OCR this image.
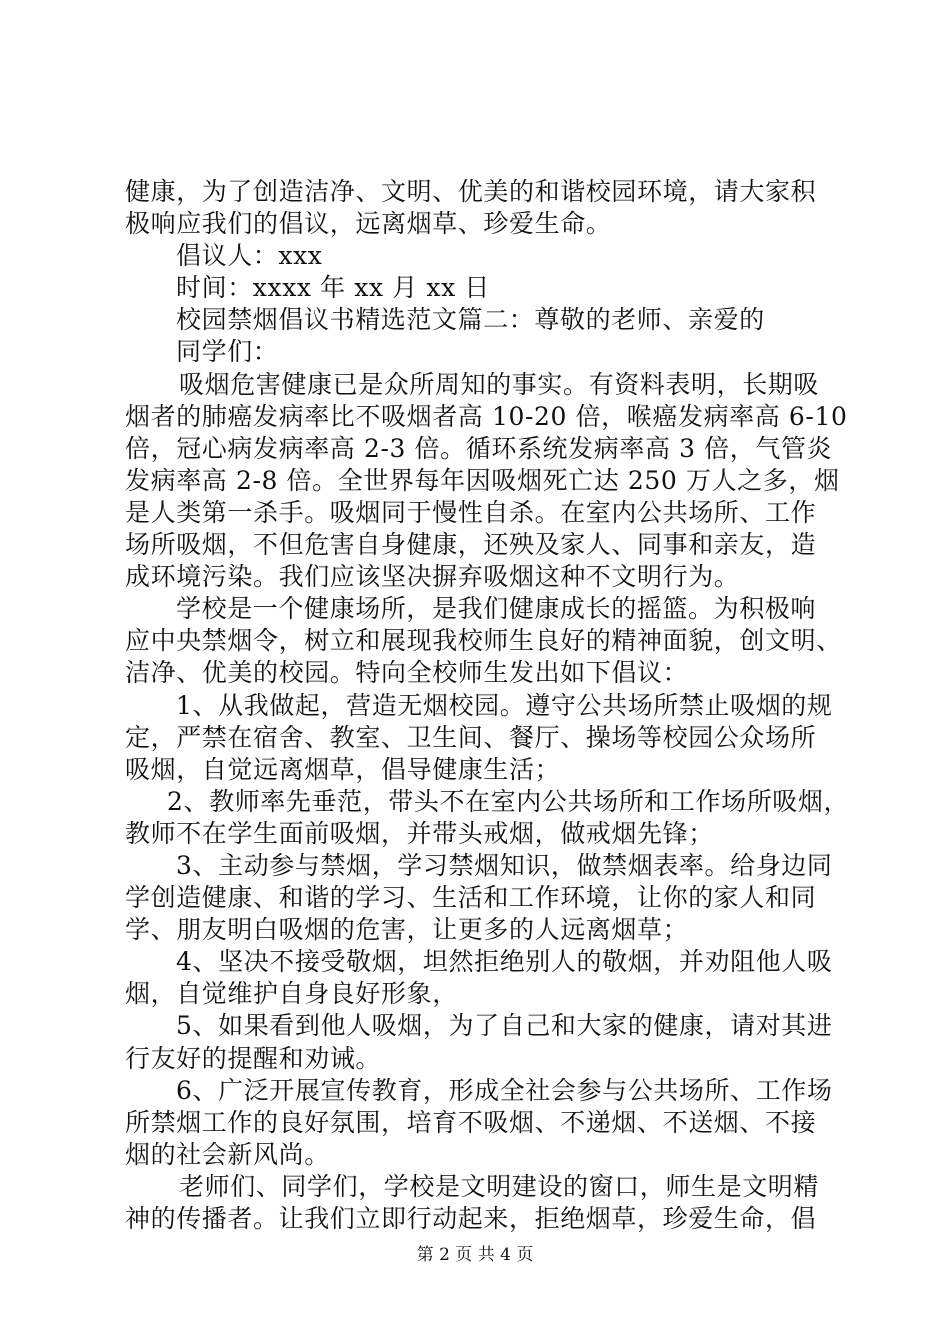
健康，为了创造洁净、文明、优美的和谐校园环境，请大家积
极响应我们的倡议，远离烟草、珍爱生命。
倡议人：xxx
时间：xxxx 年 xx 月 xx 日
校园禁烟倡议书精选范文篇二：尊敬的老师、亲爱的
同学们：
吸烟危害健康已是众所周知的事实。有资料表明，长期吸
烟者的肺癌发病率比不吸烟者高 10-20 倍，喉癌发病率高 6-10
倍，冠心病发病率高 2-3 倍。循环系统发病率高 3 倍，气管炎
发病率高 2-8 倍。全世界每年因吸烟死亡达 250 万人之多，烟
是人类第一杀手。吸烟同于慢性自杀。在室内公共场所、工作
场所吸烟，不但危害自身健康，还殃及家人、同事和亲友，造
成环境污染。我们应该坚决摒弃吸烟这种不文明行为。
学校是一个健康场所，是我们健康成长的摇篮。为积极响
应中央禁烟令，树立和展现我校师生良好的精神面貌，创文明、
洁净、优美的校园。特向全校师生发出如下倡议：
1、从我做起，营造无烟校园。遵守公共场所禁止吸烟的规
定，严禁在宿舍、教室、卫生间、餐厅、操场等校园公众场所
吸烟，自觉远离烟草，倡导健康生活；
2、教师率先垂范，带头不在室内公共场所和工作场所吸烟，
教师不在学生面前吸烟，并带头戒烟，做戒烟先锋；
3、主动参与禁烟，学习禁烟知识，做禁烟表率。给身边同
学创造健康、和谐的学习、生活和工作环境，让你的家人和同
学、朋友明白吸烟的危害，让更多的人远离烟草；
4、坚决不接受敬烟，坦然拒绝别人的敬烟，并劝阻他人吸
烟，自觉维护自身良好形象，
5、如果看到他人吸烟，为了自己和大家的健康，请对其进
行友好的提醒和劝诫。
6、广泛开展宣传教育，形成全社会参与公共场所、工作场
所禁烟工作的良好氛围，培育不吸烟、不递烟、不送烟、不接
烟的社会新风尚。
老师们、同学们，学校是文明建设的窗口，师生是文明精
神的传播者。让我们立即行动起来，拒绝烟草，珍爱生命，倡
第 2 页 共 4 页
